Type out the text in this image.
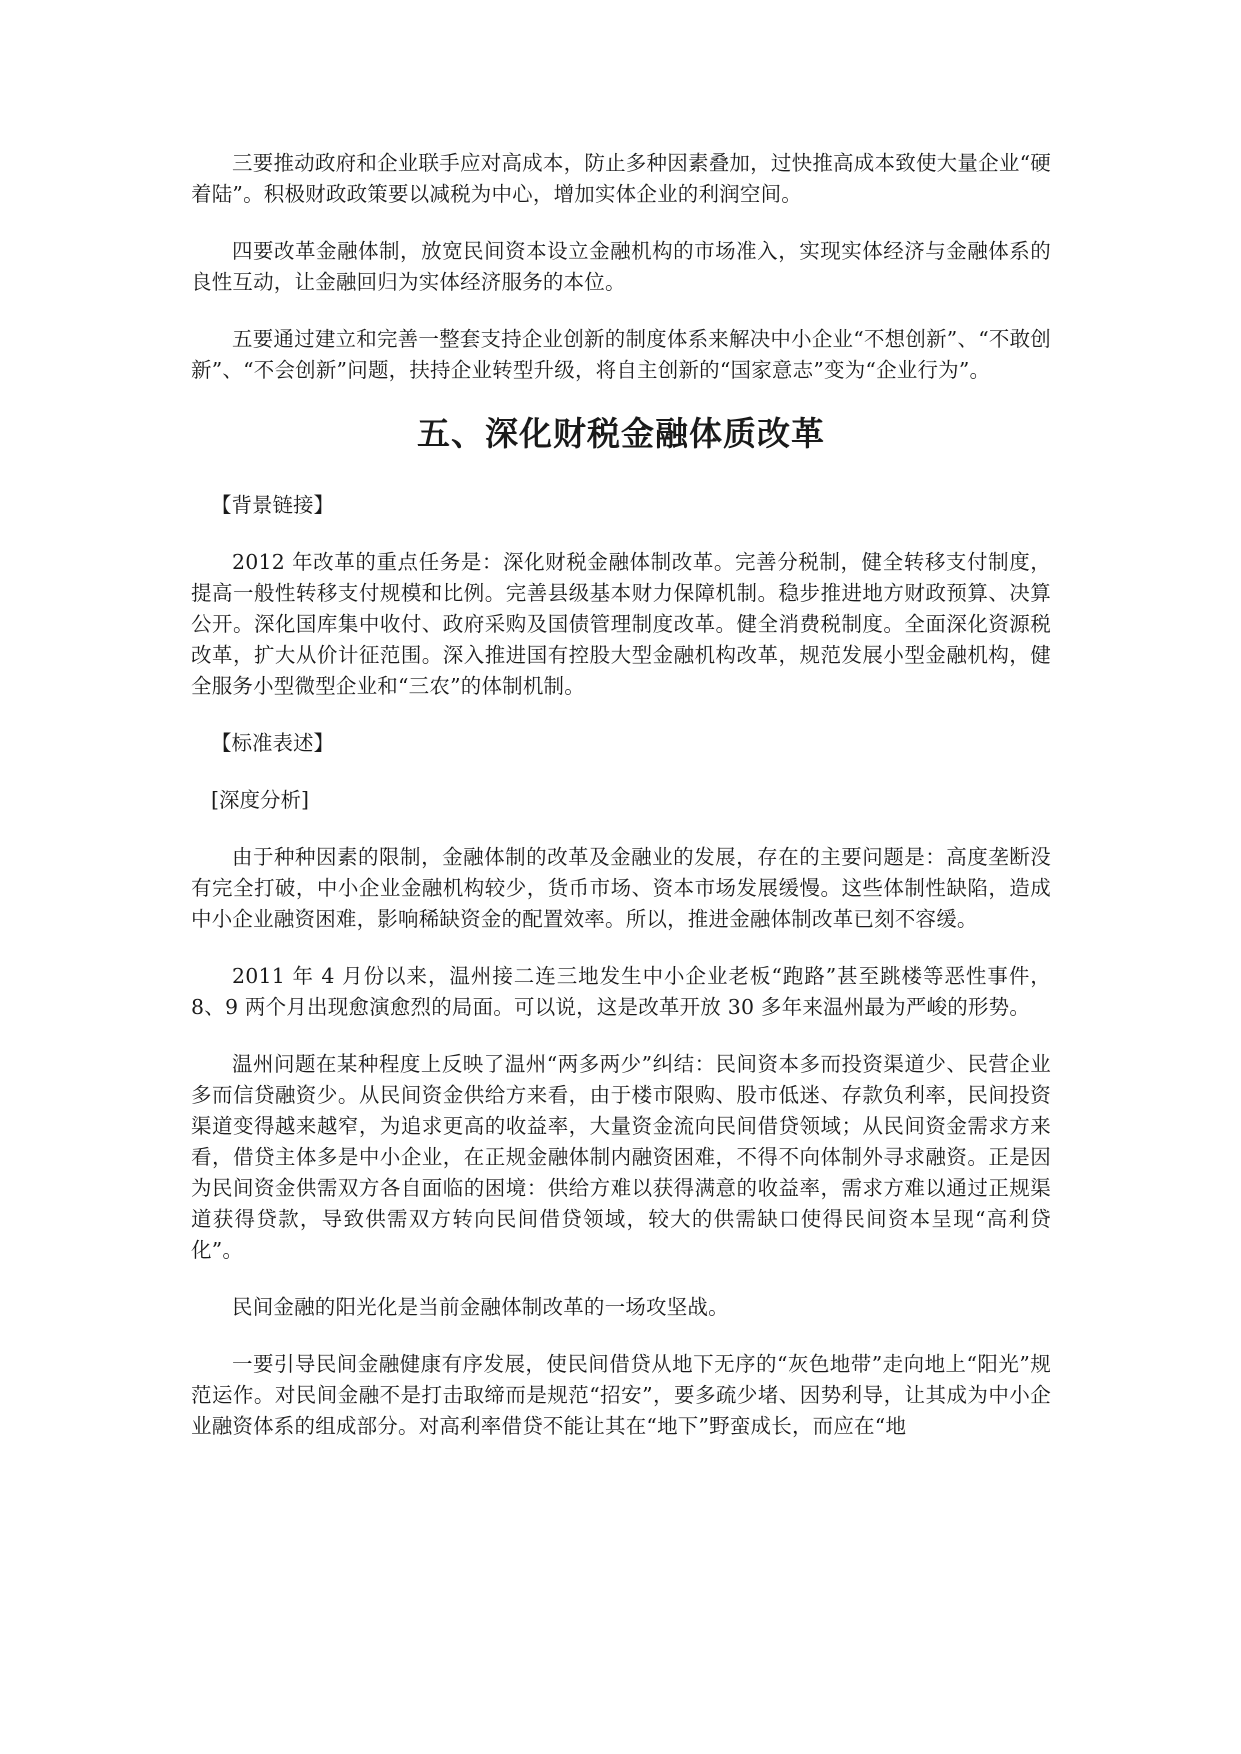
三要推动政府和企业联手应对高成本，防止多种因素叠加，过快推高成本致使大量企业“硬着陆”。积极财政政策要以减税为中心，增加实体企业的利润空间。

四要改革金融体制，放宽民间资本设立金融机构的市场准入，实现实体经济与金融体系的良性互动，让金融回归为实体经济服务的本位。

五要通过建立和完善一整套支持企业创新的制度体系来解决中小企业“不想创新”、“不敢创新”、“不会创新”问题，扶持企业转型升级，将自主创新的“国家意志”变为“企业行为”。

五、深化财税金融体质改革

【背景链接】

2012 年改革的重点任务是：深化财税金融体制改革。完善分税制，健全转移支付制度，提高一般性转移支付规模和比例。完善县级基本财力保障机制。稳步推进地方财政预算、决算公开。深化国库集中收付、政府采购及国债管理制度改革。健全消费税制度。全面深化资源税改革，扩大从价计征范围。深入推进国有控股大型金融机构改革，规范发展小型金融机构，健全服务小型微型企业和“三农”的体制机制。

【标准表述】

[深度分析]

由于种种因素的限制，金融体制的改革及金融业的发展，存在的主要问题是：高度垄断没有完全打破，中小企业金融机构较少，货币市场、资本市场发展缓慢。这些体制性缺陷，造成中小企业融资困难，影响稀缺资金的配置效率。所以，推进金融体制改革已刻不容缓。

2011 年 4 月份以来，温州接二连三地发生中小企业老板“跑路”甚至跳楼等恶性事件，8、9 两个月出现愈演愈烈的局面。可以说，这是改革开放 30 多年来温州最为严峻的形势。

温州问题在某种程度上反映了温州“两多两少”纠结：民间资本多而投资渠道少、民营企业多而信贷融资少。从民间资金供给方来看，由于楼市限购、股市低迷、存款负利率，民间投资渠道变得越来越窄，为追求更高的收益率，大量资金流向民间借贷领域；从民间资金需求方来看，借贷主体多是中小企业，在正规金融体制内融资困难，不得不向体制外寻求融资。正是因为民间资金供需双方各自面临的困境：供给方难以获得满意的收益率，需求方难以通过正规渠道获得贷款，导致供需双方转向民间借贷领域，较大的供需缺口使得民间资本呈现“高利贷化”。

民间金融的阳光化是当前金融体制改革的一场攻坚战。

一要引导民间金融健康有序发展，使民间借贷从地下无序的“灰色地带”走向地上“阳光”规范运作。对民间金融不是打击取缔而是规范“招安”，要多疏少堵、因势利导，让其成为中小企业融资体系的组成部分。对高利率借贷不能让其在“地下”野蛮成长，而应在“地
